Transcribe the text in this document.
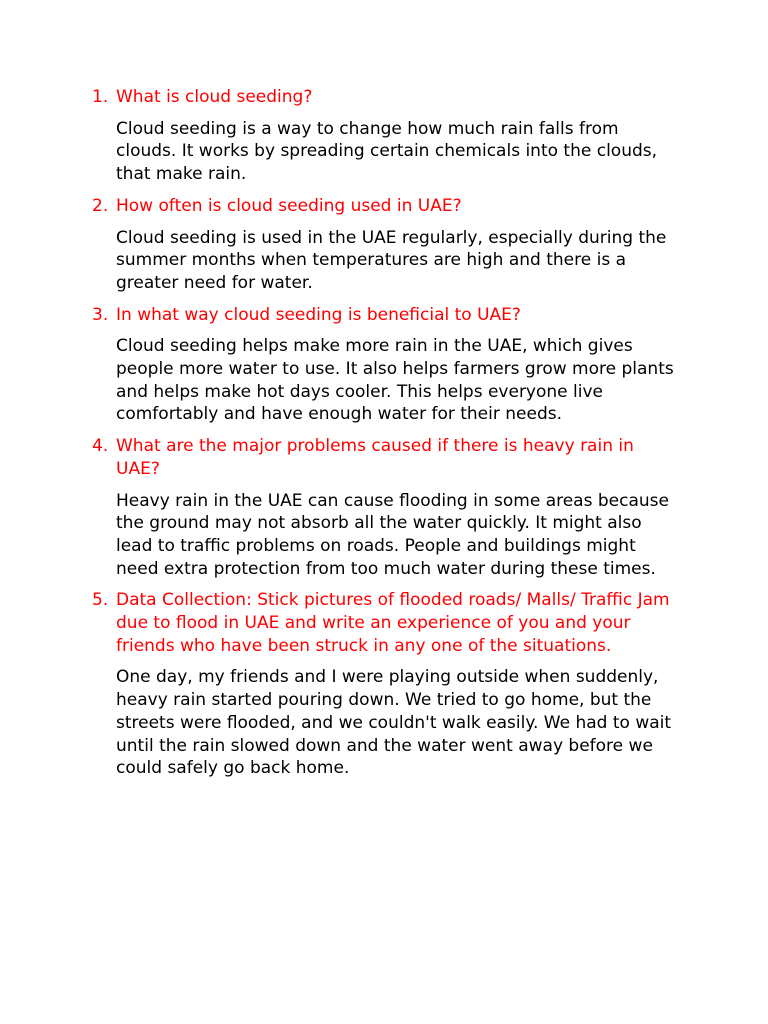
1. What is cloud seeding?
Cloud seeding is a way to change how much rain falls from clouds. It works by spreading certain chemicals into the clouds, that make rain.
2. How often is cloud seeding used in UAE?
Cloud seeding is used in the UAE regularly, especially during the summer months when temperatures are high and there is a greater need for water.
3. In what way cloud seeding is beneficial to UAE?
Cloud seeding helps make more rain in the UAE, which gives people more water to use. It also helps farmers grow more plants and helps make hot days cooler. This helps everyone live comfortably and have enough water for their needs.
4. What are the major problems caused if there is heavy rain in UAE?
Heavy rain in the UAE can cause flooding in some areas because the ground may not absorb all the water quickly. It might also lead to traffic problems on roads. People and buildings might need extra protection from too much water during these times.
5. Data Collection: Stick pictures of flooded roads/ Malls/ Traffic Jam due to flood in UAE and write an experience of you and your friends who have been struck in any one of the situations.
One day, my friends and I were playing outside when suddenly, heavy rain started pouring down. We tried to go home, but the streets were flooded, and we couldn't walk easily. We had to wait until the rain slowed down and the water went away before we could safely go back home.
